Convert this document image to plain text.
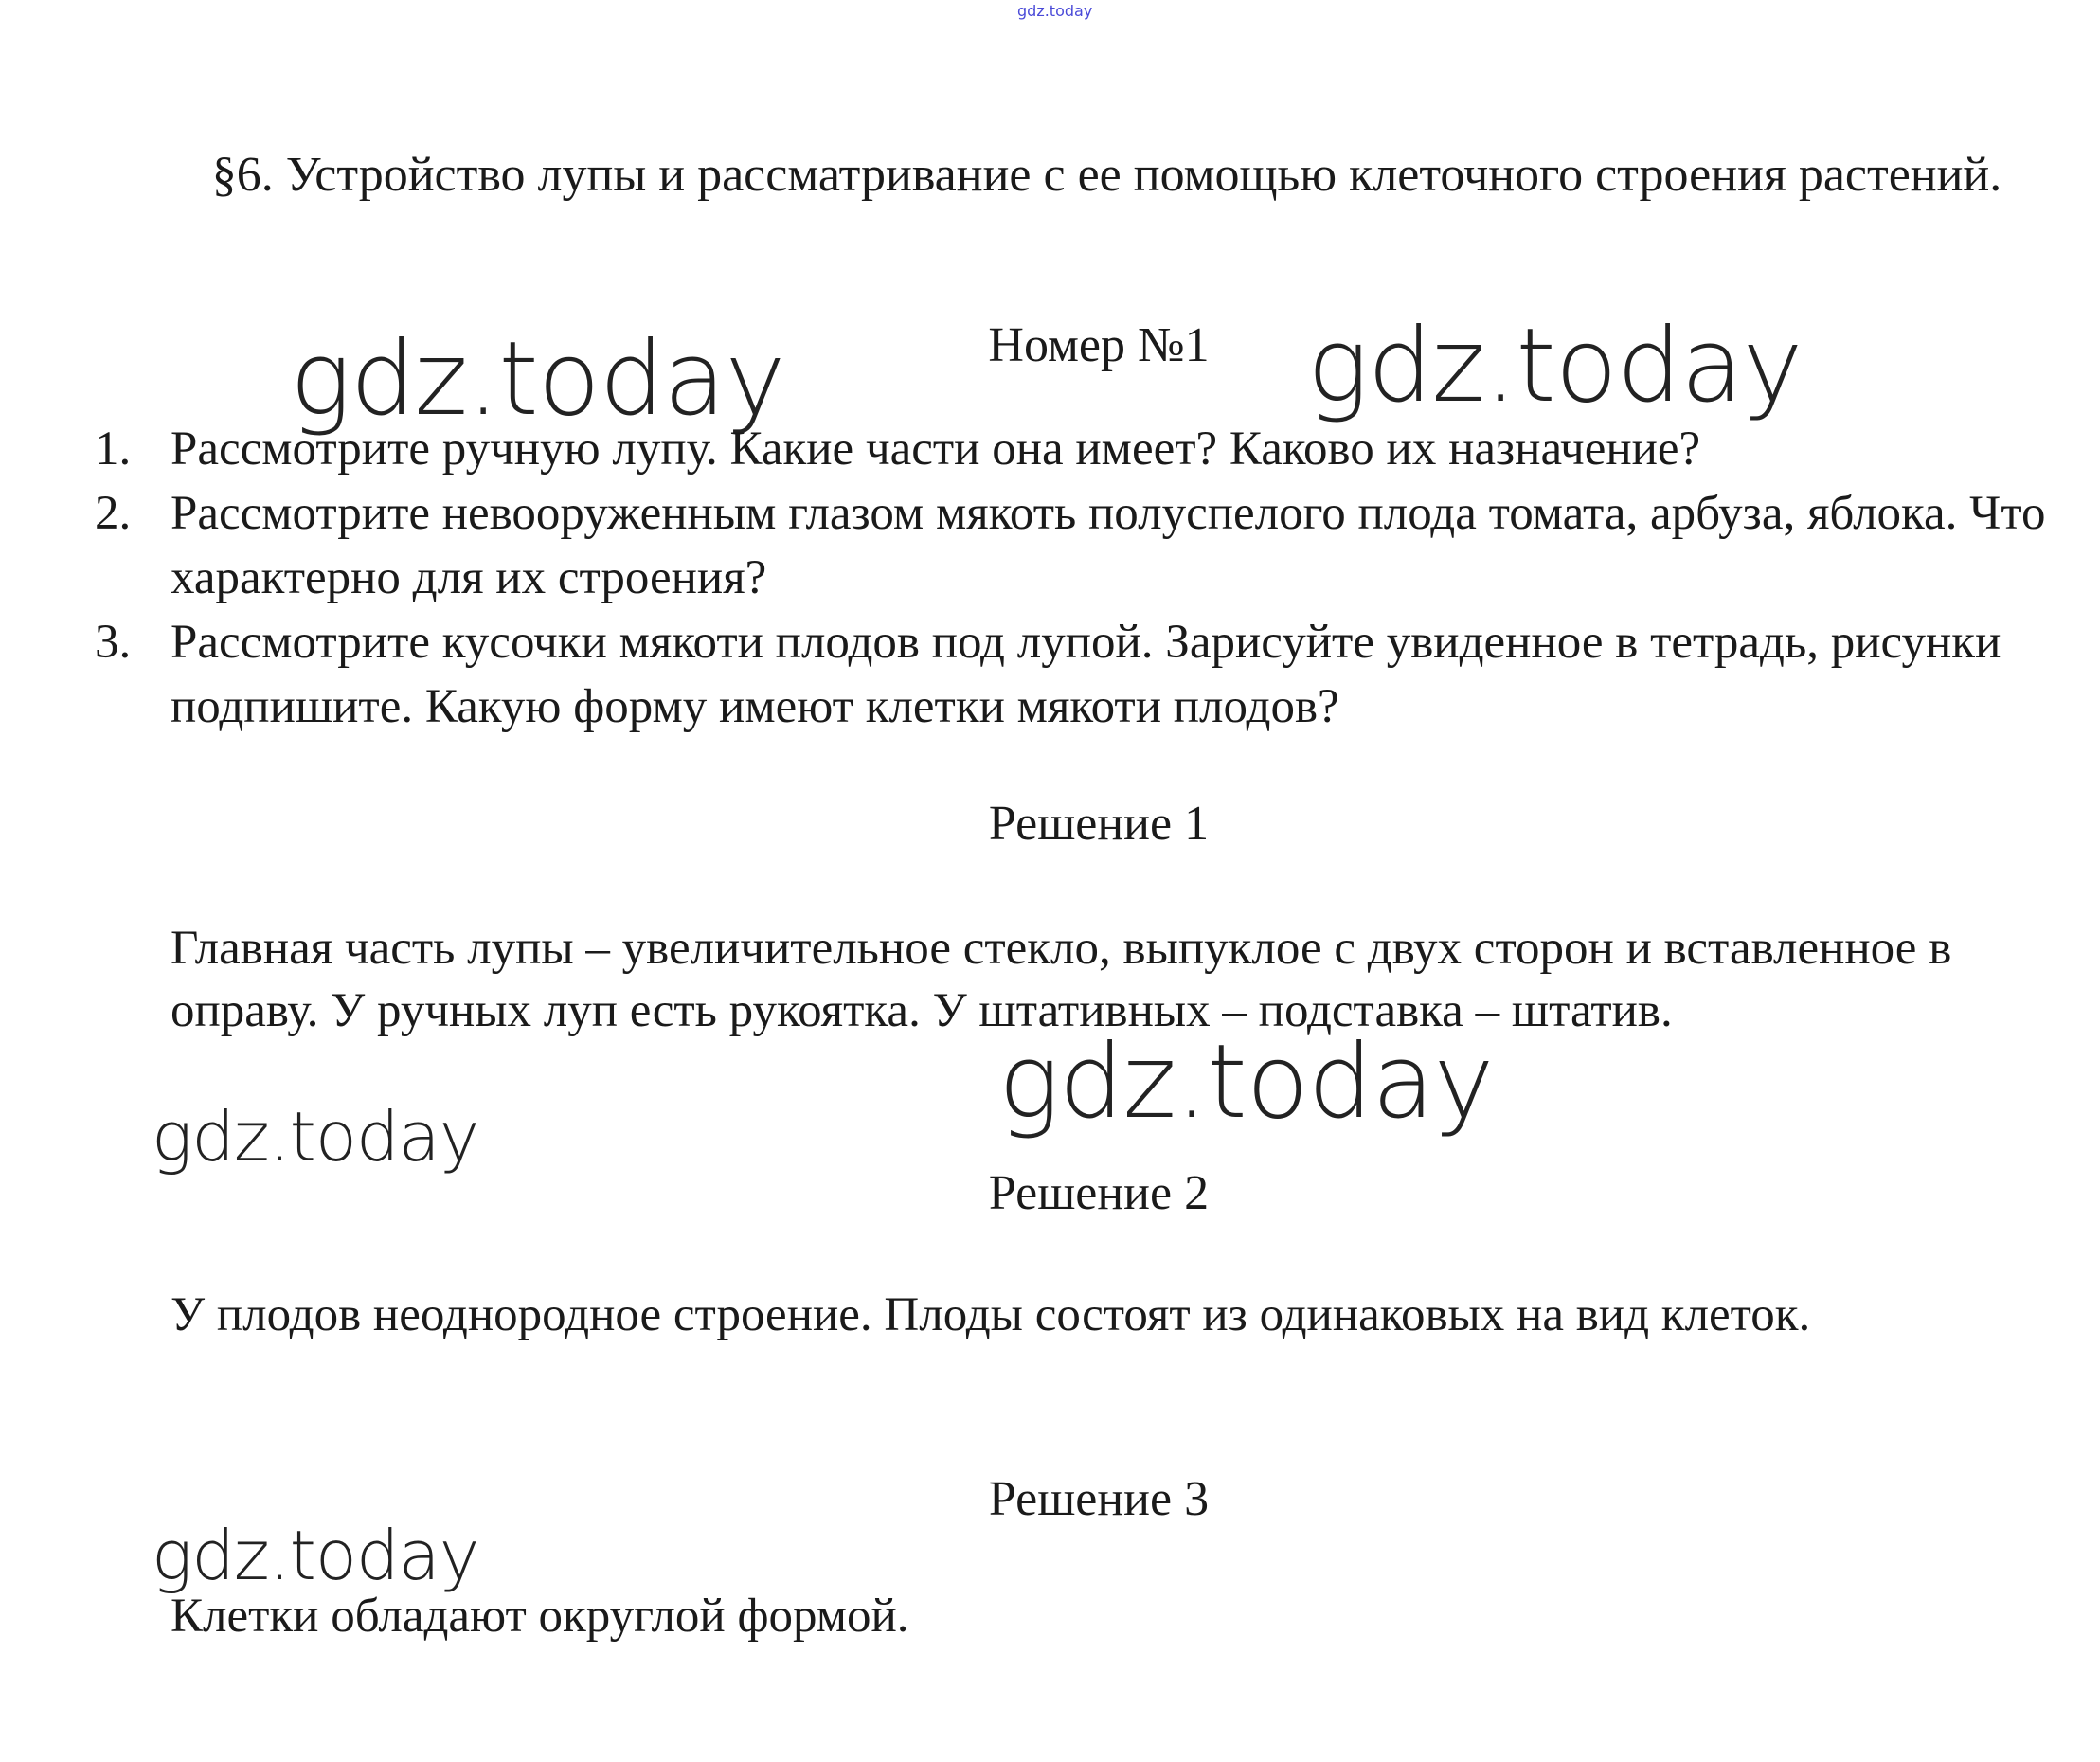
gdz.today
§6. Устройство лупы и рассматривание с ее помощью клеточного строения растений.
Номер №1
gdz.today	gdz.today
1. Рассмотрите ручную лупу. Какие части она имеет? Каково их назначение?
2. Рассмотрите невооруженным глазом мякоть полуспелого плода томата, арбуза, яблока. Что характерно для их строения?
3. Рассмотрите кусочки мякоти плодов под лупой. Зарисуйте увиденное в тетрадь, рисунки подпишите. Какую форму имеют клетки мякоти плодов?
Решение 1
Главная часть лупы – увеличительное стекло, выпуклое с двух сторон и вставленное в оправу. У ручных луп есть рукоятка. У штативных – подставка – штатив.
gdz.today
gdz.today
Решение 2
У плодов неоднородное строение. Плоды состоят из одинаковых на вид клеток.
Решение 3
gdz.today
Клетки обладают округлой формой.
